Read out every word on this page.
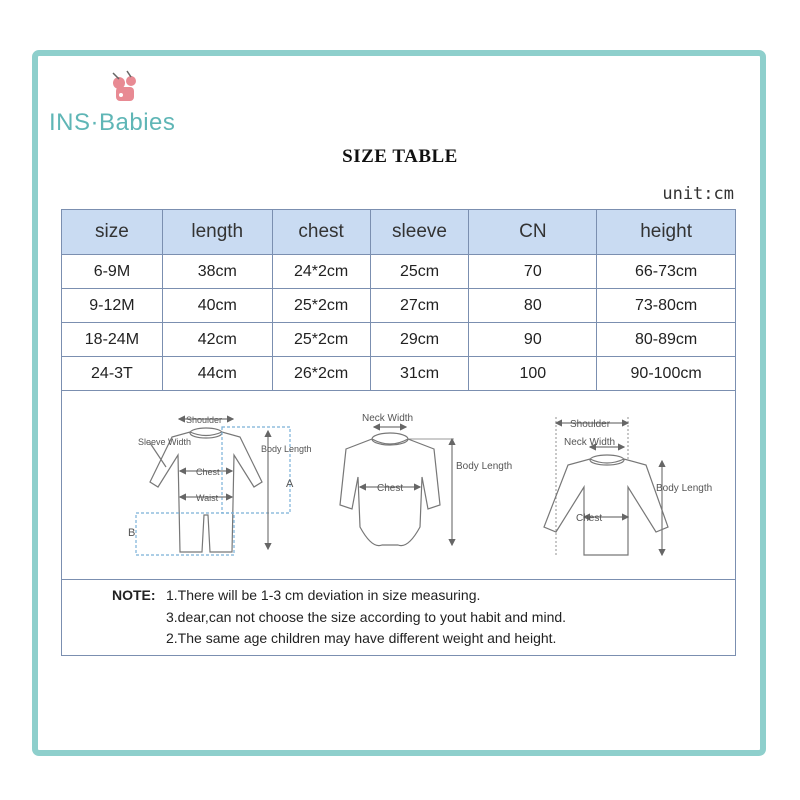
INS·Babies
SIZE TABLE
unit:cm
size	length	chest	sleeve	CN	height
6-9M	38cm	24*2cm	25cm	70	66-73cm
9-12M	40cm	25*2cm	27cm	80	73-80cm
18-24M	42cm	25*2cm	29cm	90	80-89cm
24-3T	44cm	26*2cm	31cm	100	90-100cm
Shoulder
Sleeve Width
Body Length
Chest
Waist
A
B
Neck Width
Chest
Body Length
Shoulder
Neck Width
Chest
Body Length
NOTE: 1.There will be 1-3 cm deviation in size measuring.
3.dear,can not choose the size according to yout habit and mind.
2.The same age children may have different weight and height.
